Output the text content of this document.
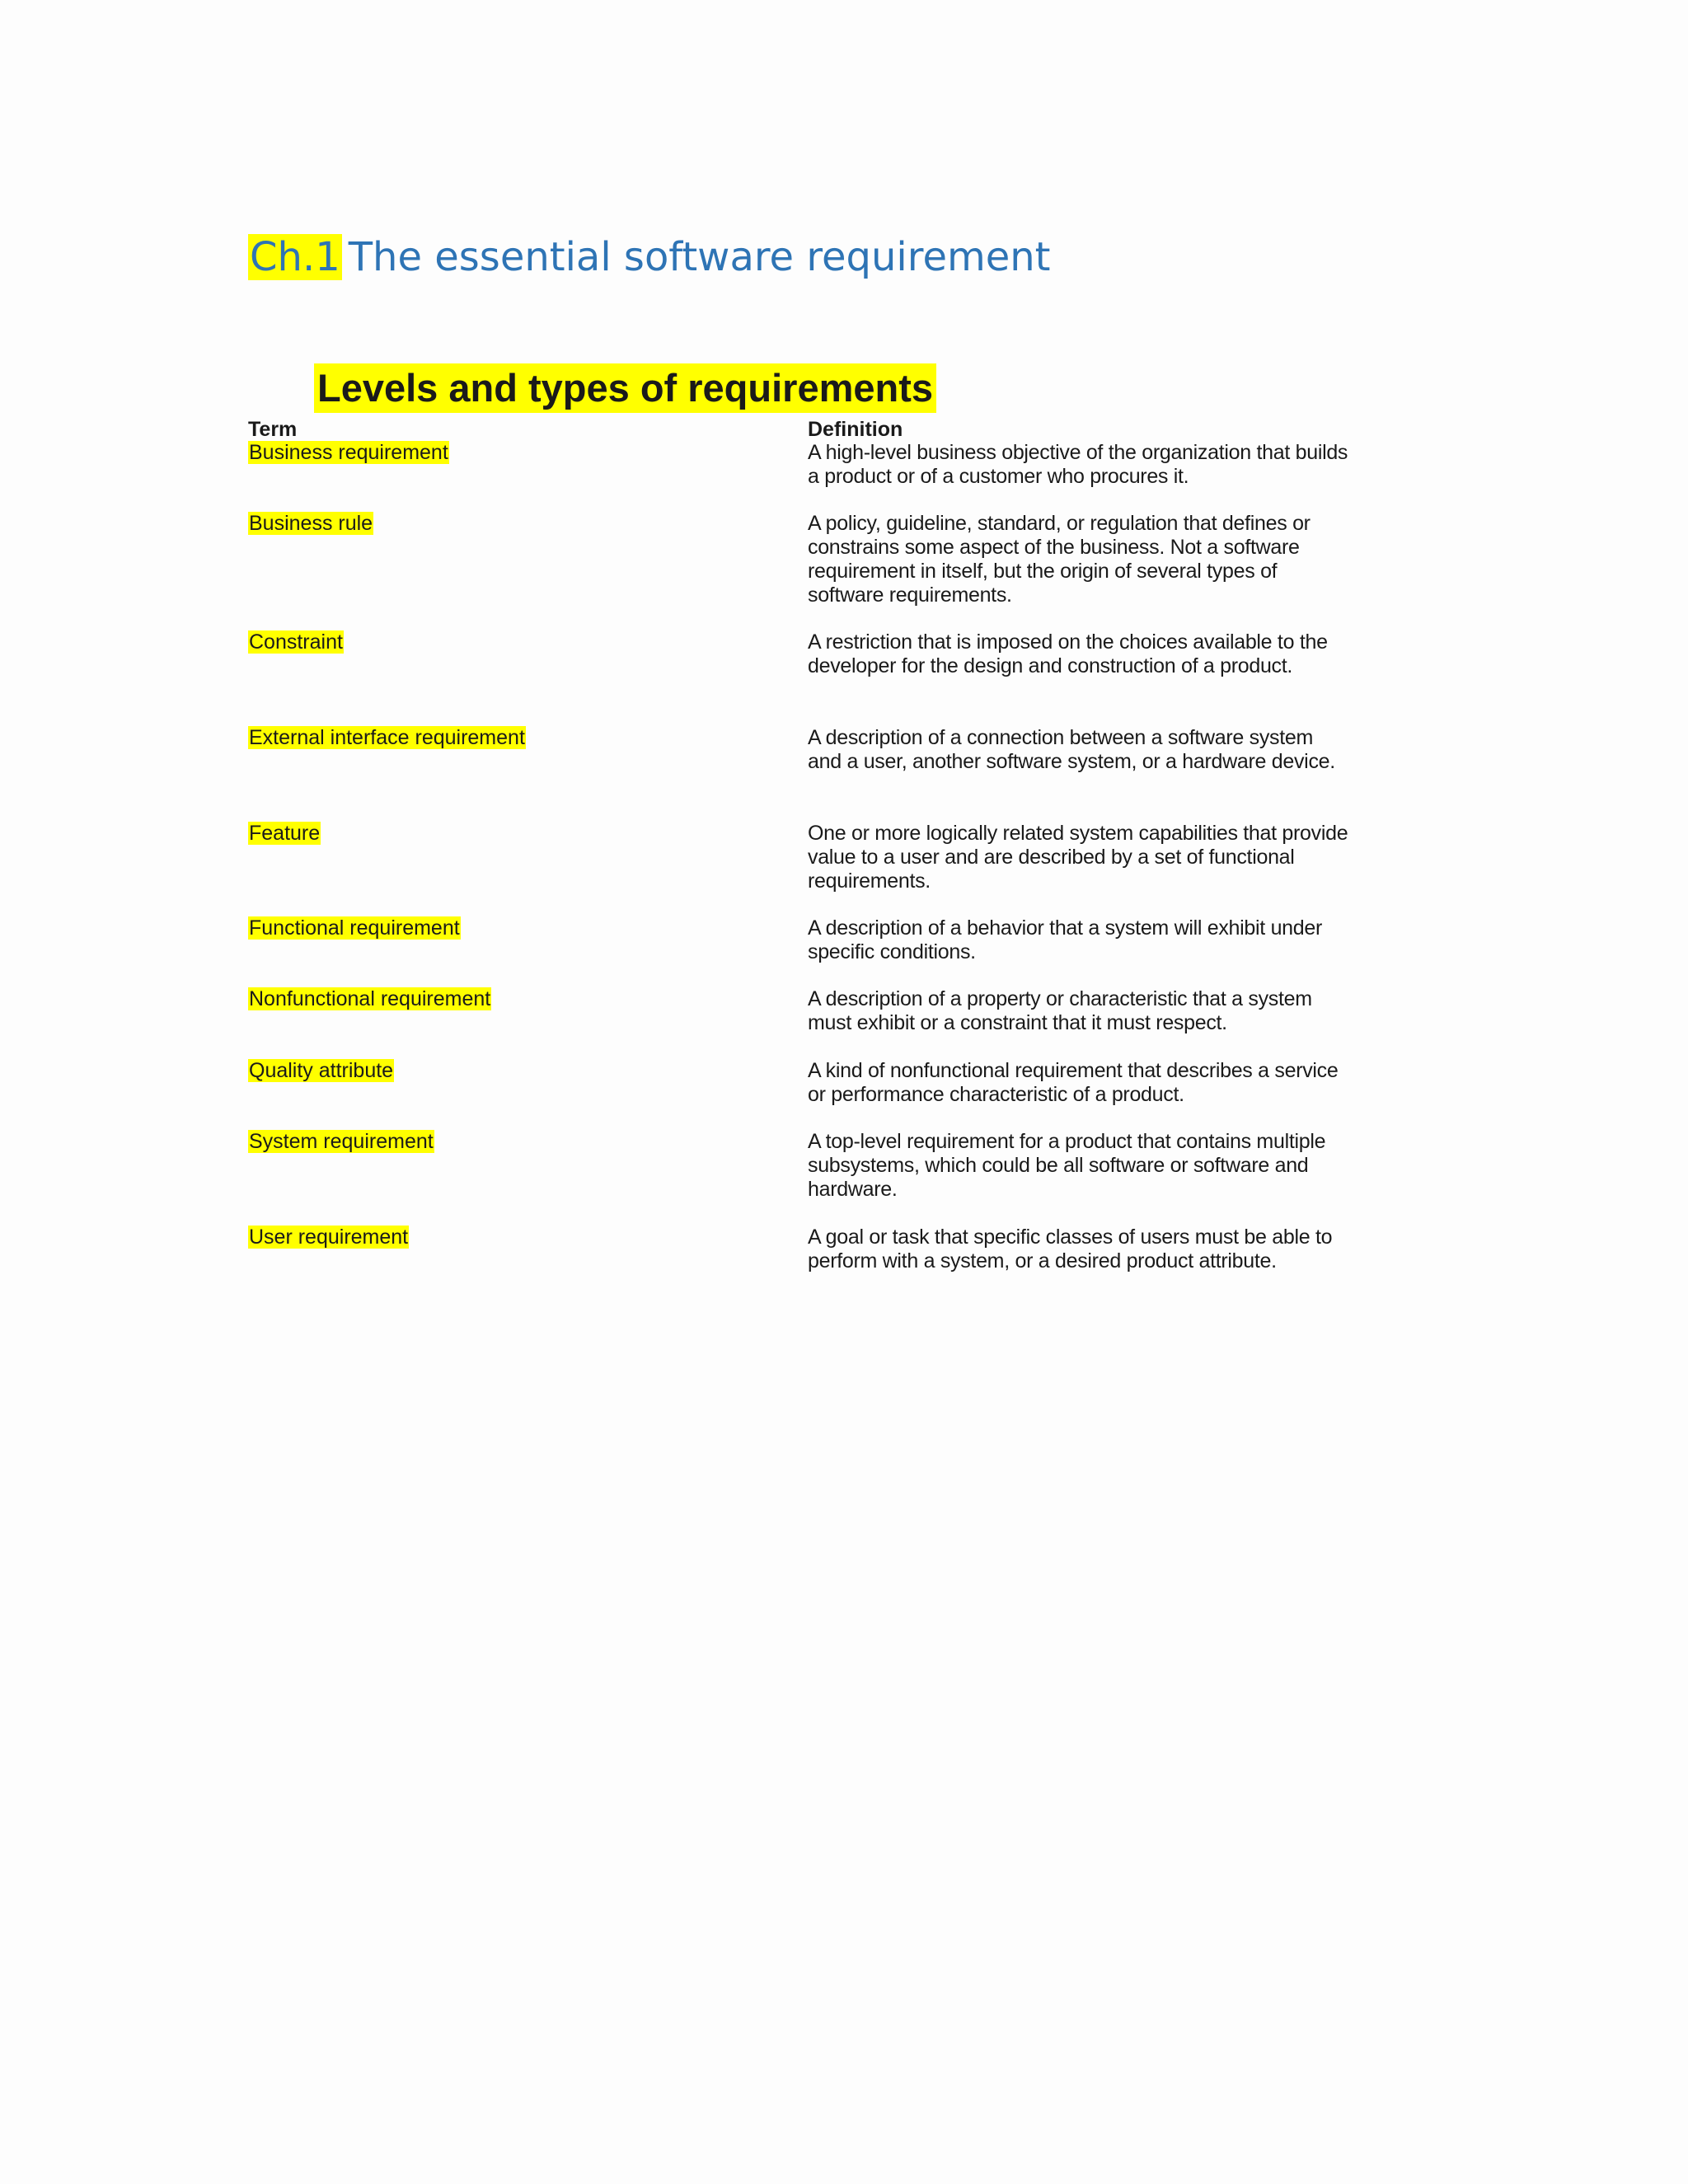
Ch.1 The essential software requirement
Levels and types of requirements
Term	Definition
Business requirement	A high-level business objective of the organization that builds a product or of a customer who procures it.
Business rule	A policy, guideline, standard, or regulation that defines or constrains some aspect of the business. Not a software requirement in itself, but the origin of several types of software requirements.
Constraint	A restriction that is imposed on the choices available to the developer for the design and construction of a product.
External interface requirement	A description of a connection between a software system and a user, another software system, or a hardware device.
Feature	One or more logically related system capabilities that provide value to a user and are described by a set of functional requirements.
Functional requirement	A description of a behavior that a system will exhibit under specific conditions.
Nonfunctional requirement	A description of a property or characteristic that a system must exhibit or a constraint that it must respect.
Quality attribute	A kind of nonfunctional requirement that describes a service or performance characteristic of a product.
System requirement	A top-level requirement for a product that contains multiple subsystems, which could be all software or software and hardware.
User requirement	A goal or task that specific classes of users must be able to perform with a system, or a desired product attribute.
